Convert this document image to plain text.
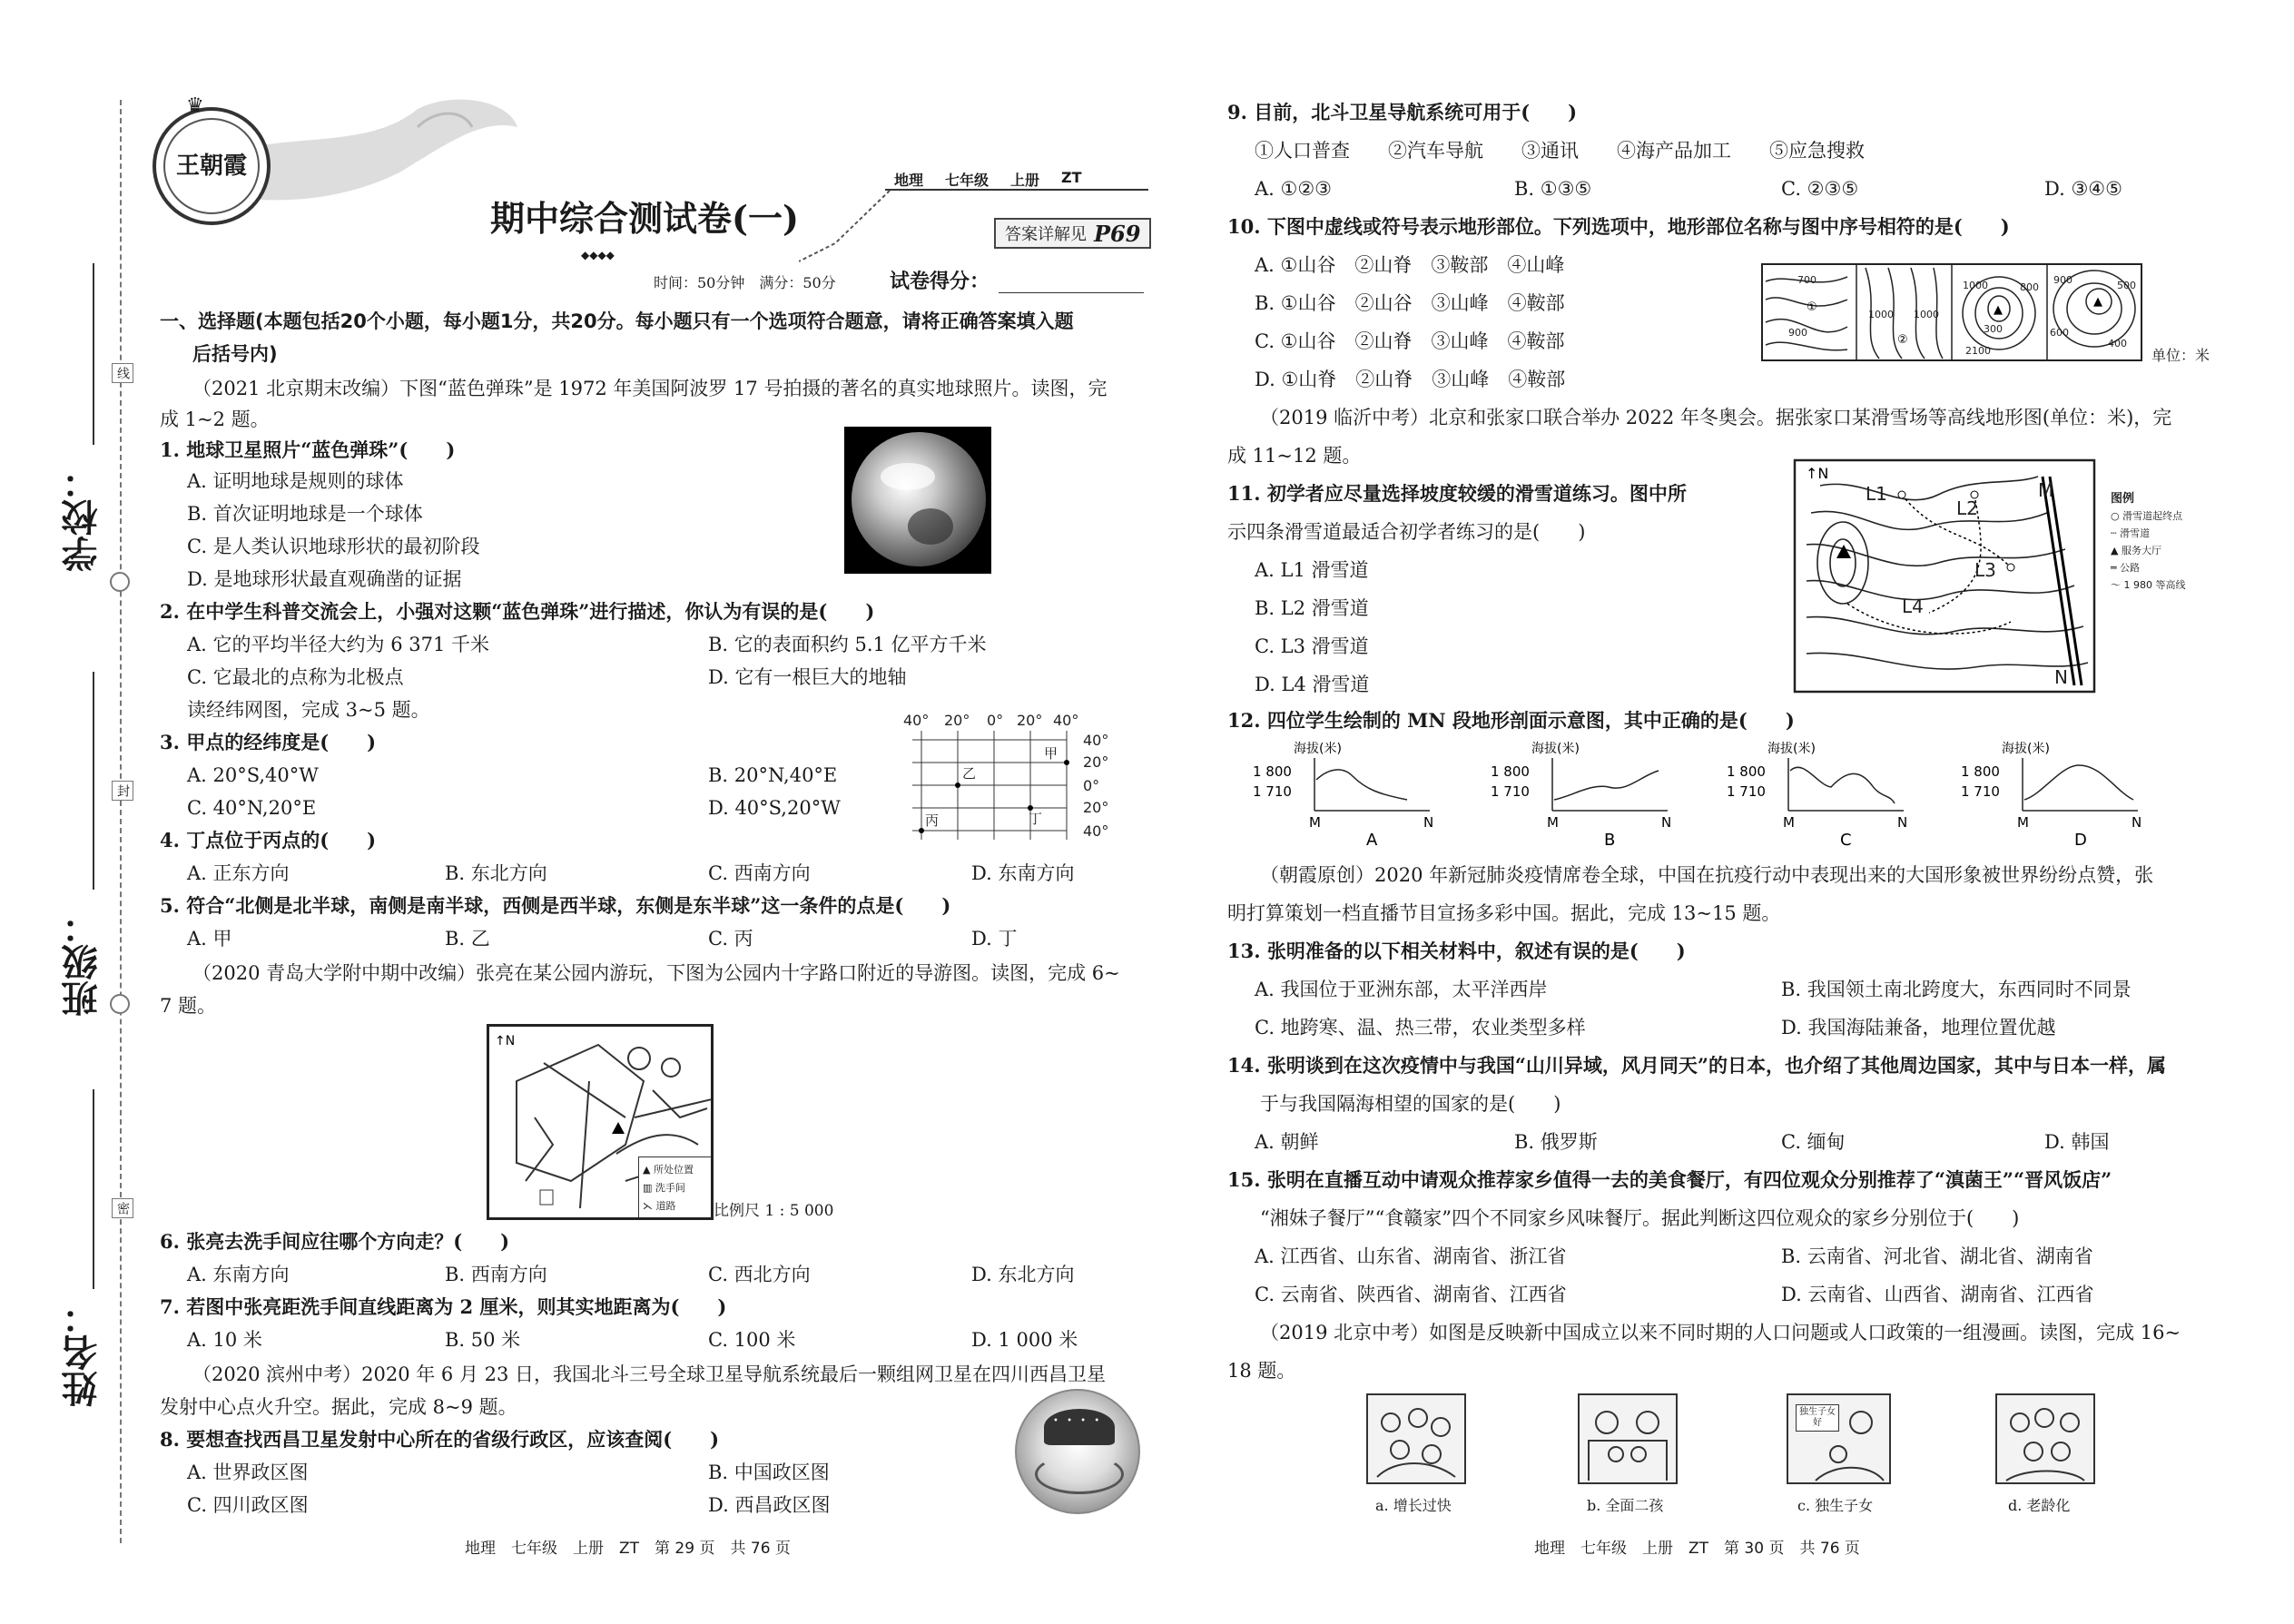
学校：
班级：
姓名：
线
封
密
王朝霞
♛
地理 七年级 上册 ZT
期中综合测试卷(一)	答案详解见 P69
◆◆◆◆
时间：50分钟　满分：50分	试卷得分：
一、选择题(本题包括20个小题，每小题1分，共20分。每小题只有一个选项符合题意，请将正确答案填入题
后括号内)
（2021 北京期末改编）下图“蓝色弹珠”是 1972 年美国阿波罗 17 号拍摄的著名的真实地球照片。读图，完
成 1~2 题。
1. 地球卫星照片“蓝色弹珠”(　　)
A. 证明地球是规则的球体
B. 首次证明地球是一个球体
C. 是人类认识地球形状的最初阶段
D. 是地球形状最直观确凿的证据
2. 在中学生科普交流会上，小强对这颗“蓝色弹珠”进行描述，你认为有误的是(　　)
A. 它的平均半径大约为 6 371 千米	B. 它的表面积约 5.1 亿平方千米
C. 它最北的点称为北极点	D. 它有一根巨大的地轴
读经纬网图，完成 3~5 题。	40° 20° 0° 20° 40°
40°
20°
0°
20°
40°
乙
甲
丙	丁
3. 甲点的经纬度是(　　)
A. 20°S,40°W	B. 20°N,40°E
C. 40°N,20°E	D. 40°S,20°W
4. 丁点位于丙点的(　　)
A. 正东方向	B. 东北方向	C. 西南方向	D. 东南方向
5. 符合“北侧是北半球，南侧是南半球，西侧是西半球，东侧是东半球”这一条件的点是(　　)
A. 甲	B. 乙	C. 丙	D. 丁
（2020 青岛大学附中期中改编）张亮在某公园内游玩，下图为公园内十字路口附近的导游图。读图，完成 6~
7 题。
↑N
▲ 所处位置
▥ 洗手间
⋋ 道路	比例尺 1 : 5 000
6. 张亮去洗手间应往哪个方向走？(　　)
A. 东南方向	B. 西南方向	C. 西北方向	D. 东北方向
7. 若图中张亮距洗手间直线距离为 2 厘米，则其实地距离为(　　)
A. 10 米	B. 50 米	C. 100 米	D. 1 000 米
（2020 滨州中考）2020 年 6 月 23 日，我国北斗三号全球卫星导航系统最后一颗组网卫星在四川西昌卫星
发射中心点火升空。据此，完成 8~9 题。
8. 要想查找西昌卫星发射中心所在的省级行政区，应该查阅(　　)
A. 世界政区图	B. 中国政区图
C. 四川政区图	D. 西昌政区图
• • • •
地理　七年级　上册　ZT　第 29 页　共 76 页
9. 目前，北斗卫星导航系统可用于(　　)
①人口普查　　②汽车导航　　③通讯　　④海产品加工　　⑤应急搜救
A. ①②③	B. ①③⑤	C. ②③⑤	D. ③④⑤
10. 下图中虚线或符号表示地形部位。下列选项中，地形部位名称与图中序号相符的是(　　)
A. ①山谷　②山脊　③鞍部　④山峰
B. ①山谷　②山谷　③山峰　④鞍部
C. ①山谷　②山脊　③山峰　④鞍部
D. ①山脊　②山脊　③山峰　④鞍部
700
900
1000 1000
1000	800
300
2100
900
600
400
500
①
②
▲
▲
单位：米
（2019 临沂中考）北京和张家口联合举办 2022 年冬奥会。据张家口某滑雪场等高线地形图(单位：米)，完
成 11~12 题。
11. 初学者应尽量选择坡度较缓的滑雪道练习。图中所
示四条滑雪道最适合初学者练习的是(　　)
A. L1 滑雪道
B. L2 滑雪道
C. L3 滑雪道
D. L4 滑雪道
↑N
L1
L2
L3
L4
M
N
图例
○ 滑雪道起终点
┄ 滑雪道
▲ 服务大厅
═ 公路
～ 1 980 等高线
12. 四位学生绘制的 MN 段地形剖面示意图，其中正确的是(　　)
海拔(米)
1 800
1 710
M	N
A
海拔(米)
1 800
1 710
M	N
B
海拔(米)
1 800
1 710
M	N
C
海拔(米)
1 800
1 710
M	N
D
（朝霞原创）2020 年新冠肺炎疫情席卷全球，中国在抗疫行动中表现出来的大国形象被世界纷纷点赞，张
明打算策划一档直播节目宣扬多彩中国。据此，完成 13~15 题。
13. 张明准备的以下相关材料中，叙述有误的是(　　)
A. 我国位于亚洲东部，太平洋西岸	B. 我国领土南北跨度大，东西同时不同景
C. 地跨寒、温、热三带，农业类型多样	D. 我国海陆兼备，地理位置优越
14. 张明谈到在这次疫情中与我国“山川异域，风月同天”的日本，也介绍了其他周边国家，其中与日本一样，属
于与我国隔海相望的国家的是(　　)
A. 朝鲜	B. 俄罗斯	C. 缅甸	D. 韩国
15. 张明在直播互动中请观众推荐家乡值得一去的美食餐厅，有四位观众分别推荐了“滇菌王”“晋风饭店”
“湘妹子餐厅”“食赣家”四个不同家乡风味餐厅。据此判断这四位观众的家乡分别位于(　　)
A. 江西省、山东省、湖南省、浙江省	B. 云南省、河北省、湖北省、湖南省
C. 云南省、陕西省、湖南省、江西省	D. 云南省、山西省、湖南省、江西省
（2019 北京中考）如图是反映新中国成立以来不同时期的人口问题或人口政策的一组漫画。读图，完成 16~
18 题。
独生子女好
a. 增长过快	b. 全面二孩	c. 独生子女	d. 老龄化
地理　七年级　上册　ZT　第 30 页　共 76 页
